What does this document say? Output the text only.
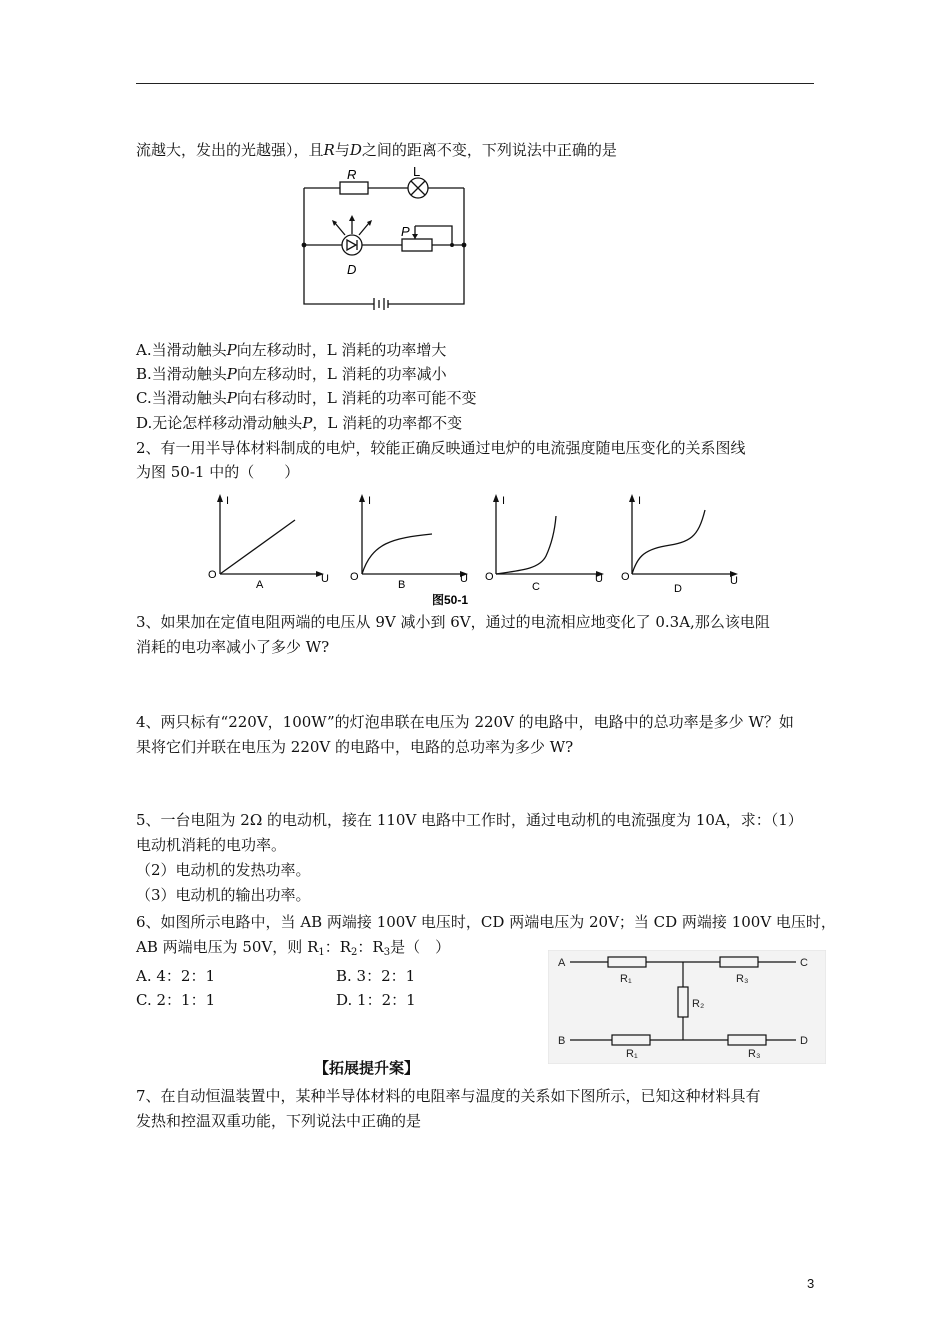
流越大，发出的光越强），且R与D之间的距离不变，下列说法中正确的是
R	L
D
P
A.当滑动触头P向左移动时，L 消耗的功率增大
B.当滑动触头P向左移动时，L 消耗的功率减小
C.当滑动触头P向右移动时，L 消耗的功率可能不变
D.无论怎样移动滑动触头P，L 消耗的功率都不变
2、有一用半导体材料制成的电炉，较能正确反映通过电炉的电流强度随电压变化的关系图线
为图 50-1 中的（　　）
I
O	U
A
I
O	U
B
I
O	U
C
I
O	U
D
图50-1
3、如果加在定值电阻两端的电压从 9V 减小到 6V，通过的电流相应地变化了 0.3A,那么该电阻
消耗的电功率减小了多少 W?
4、两只标有“220V，100W”的灯泡串联在电压为 220V 的电路中，电路中的总功率是多少 W？如
果将它们并联在电压为 220V 的电路中，电路的总功率为多少 W?
5、一台电阻为 2Ω 的电动机，接在 110V 电路中工作时，通过电动机的电流强度为 10A，求：（1）
电动机消耗的电功率。
（2）电动机的发热功率。
（3）电动机的输出功率。
6、如图所示电路中，当 AB 两端接 100V 电压时，CD 两端电压为 20V；当 CD 两端接 100V 电压时，
AB 两端电压为 50V，则 $R_1$：$R_2$：$R_3$是（　）
A. 4：2：1	B. 3：2：1
C. 2：1：1	D. 1：2：1
A
B
C
D
R₁	R₃
R₂
R₁	R₃
【拓展提升案】
7、在自动恒温装置中，某种半导体材料的电阻率与温度的关系如下图所示，已知这种材料具有
发热和控温双重功能，下列说法中正确的是
3
